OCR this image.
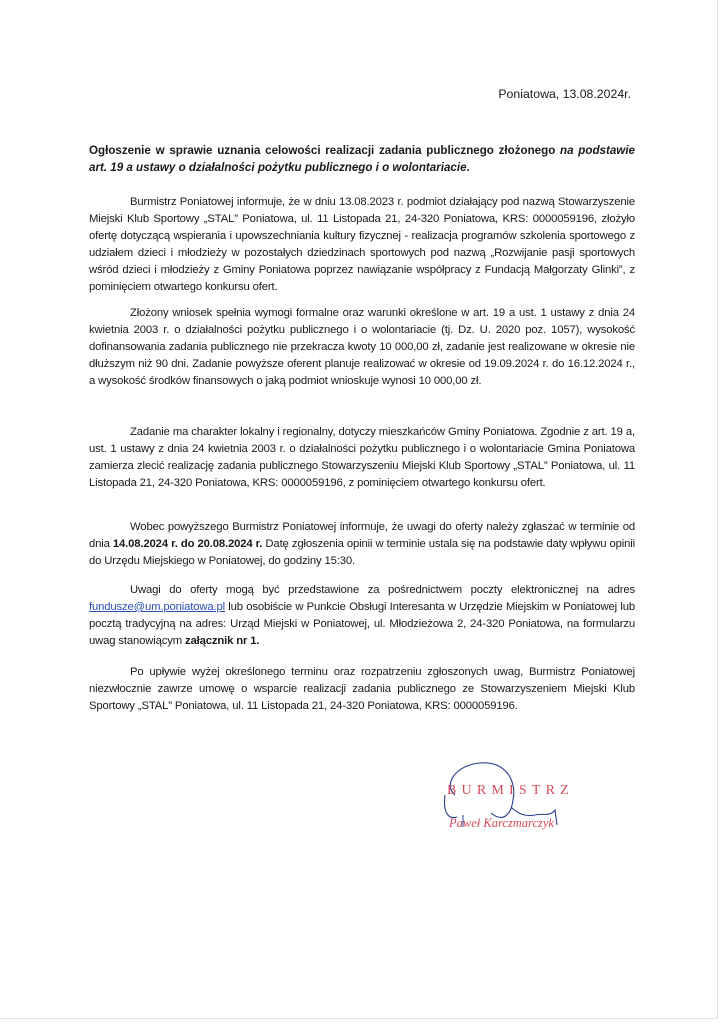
Poniatowa, 13.08.2024r.
Ogłoszenie w sprawie uznania celowości realizacji zadania publicznego złożonego na podstawie art. 19 a ustawy o działalności pożytku publicznego i o wolontariacie.
Burmistrz Poniatowej informuje, że w dniu 13.08.2023 r. podmiot działający pod nazwą Stowarzyszenie Miejski Klub Sportowy „STAL” Poniatowa, ul. 11 Listopada 21, 24-320 Poniatowa, KRS: 0000059196, złożyło ofertę dotyczącą wspierania i upowszechniania kultury fizycznej - realizacja programów szkolenia sportowego z udziałem dzieci i młodzieży w pozostałych dziedzinach sportowych pod nazwą „Rozwijanie pasji sportowych wśród dzieci i młodzieży z Gminy Poniatowa poprzez nawiązanie współpracy z Fundacją Małgorzaty Glinki”, z pominięciem otwartego konkursu ofert.
Złożony wniosek spełnia wymogi formalne oraz warunki określone w art. 19 a ust. 1 ustawy z dnia 24 kwietnia 2003 r. o działalności pożytku publicznego i o wolontariacie (tj. Dz. U. 2020 poz. 1057), wysokość dofinansowania zadania publicznego nie przekracza kwoty 10 000,00 zł, zadanie jest realizowane w okresie nie dłuższym niż 90 dni. Zadanie powyższe oferent planuje realizować w okresie od 19.09.2024 r. do 16.12.2024 r., a wysokość środków finansowych o jaką podmiot wnioskuje wynosi 10 000,00 zł.
Zadanie ma charakter lokalny i regionalny, dotyczy mieszkańców Gminy Poniatowa. Zgodnie z art. 19 a, ust. 1 ustawy z dnia 24 kwietnia 2003 r. o działalności pożytku publicznego i o wolontariacie Gmina Poniatowa zamierza zlecić realizację zadania publicznego Stowarzyszeniu Miejski Klub Sportowy „STAL” Poniatowa, ul. 11 Listopada 21, 24-320 Poniatowa, KRS: 0000059196, z pominięciem otwartego konkursu ofert.
Wobec powyższego Burmistrz Poniatowej informuje, że uwagi do oferty należy zgłaszać w terminie od dnia 14.08.2024 r. do 20.08.2024 r. Datę zgłoszenia opinii w terminie ustala się na podstawie daty wpływu opinii do Urzędu Miejskiego w Poniatowej, do godziny 15:30.
Uwagi do oferty mogą być przedstawione za pośrednictwem poczty elektronicznej na adres fundusze@um.poniatowa.pl lub osobiście w Punkcie Obsługi Interesanta w Urzędzie Miejskim w Poniatowej lub pocztą tradycyjną na adres: Urząd Miejski w Poniatowej, ul. Młodzieżowa 2, 24-320 Poniatowa, na formularzu uwag stanowiącym załącznik nr 1.
Po upływie wyżej określonego terminu oraz rozpatrzeniu zgłoszonych uwag, Burmistrz Poniatowej niezwłocznie zawrze umowę o wsparcie realizacji zadania publicznego ze Stowarzyszeniem Miejski Klub Sportowy „STAL” Poniatowa, ul. 11 Listopada 21, 24-320 Poniatowa, KRS: 0000059196.
BURMISTRZ
Paweł Karczmarczyk
